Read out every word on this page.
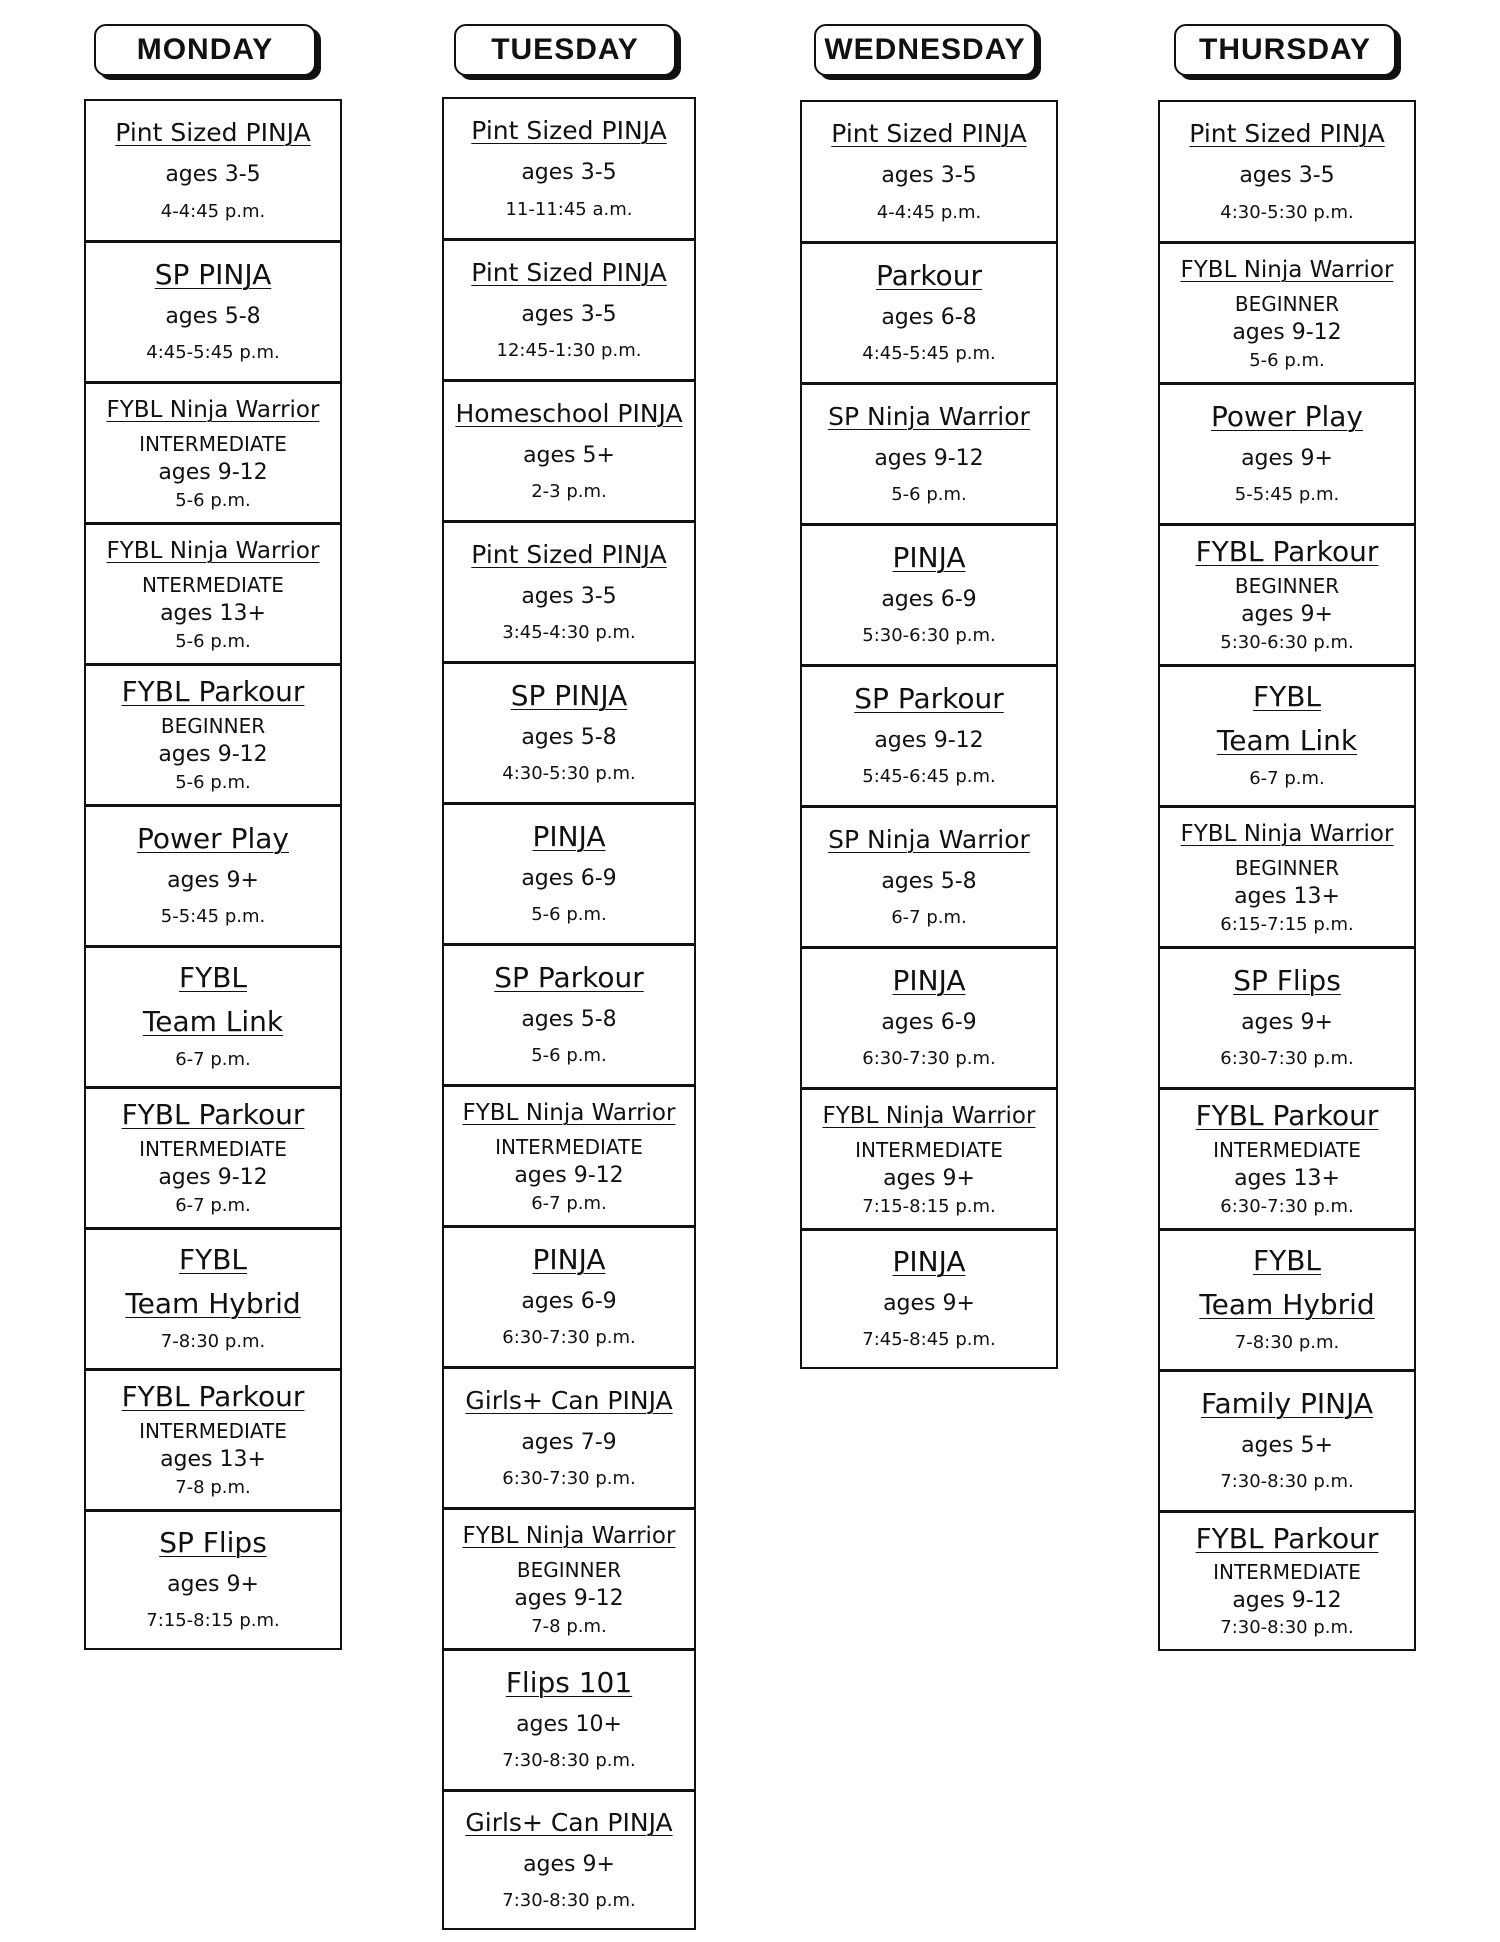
MONDAY
Pint Sized PINJA
ages 3-5
4-4:45 p.m.
SP PINJA
ages 5-8
4:45-5:45 p.m.
FYBL Ninja Warrior
INTERMEDIATE
ages 9-12
5-6 p.m.
FYBL Ninja Warrior
NTERMEDIATE
ages 13+
5-6 p.m.
FYBL Parkour
BEGINNER
ages 9-12
5-6 p.m.
Power Play
ages 9+
5-5:45 p.m.
FYBL
Team Link
6-7 p.m.
FYBL Parkour
INTERMEDIATE
ages 9-12
6-7 p.m.
FYBL
Team Hybrid
7-8:30 p.m.
FYBL Parkour
INTERMEDIATE
ages 13+
7-8 p.m.
SP Flips
ages 9+
7:15-8:15 p.m.
TUESDAY
Pint Sized PINJA
ages 3-5
11-11:45 a.m.
Pint Sized PINJA
ages 3-5
12:45-1:30 p.m.
Homeschool PINJA
ages 5+
2-3 p.m.
Pint Sized PINJA
ages 3-5
3:45-4:30 p.m.
SP PINJA
ages 5-8
4:30-5:30 p.m.
PINJA
ages 6-9
5-6 p.m.
SP Parkour
ages 5-8
5-6 p.m.
FYBL Ninja Warrior
INTERMEDIATE
ages 9-12
6-7 p.m.
PINJA
ages 6-9
6:30-7:30 p.m.
Girls+ Can PINJA
ages 7-9
6:30-7:30 p.m.
FYBL Ninja Warrior
BEGINNER
ages 9-12
7-8 p.m.
Flips 101
ages 10+
7:30-8:30 p.m.
Girls+ Can PINJA
ages 9+
7:30-8:30 p.m.
WEDNESDAY
Pint Sized PINJA
ages 3-5
4-4:45 p.m.
Parkour
ages 6-8
4:45-5:45 p.m.
SP Ninja Warrior
ages 9-12
5-6 p.m.
PINJA
ages 6-9
5:30-6:30 p.m.
SP Parkour
ages 9-12
5:45-6:45 p.m.
SP Ninja Warrior
ages 5-8
6-7 p.m.
PINJA
ages 6-9
6:30-7:30 p.m.
FYBL Ninja Warrior
INTERMEDIATE
ages 9+
7:15-8:15 p.m.
PINJA
ages 9+
7:45-8:45 p.m.
THURSDAY
Pint Sized PINJA
ages 3-5
4:30-5:30 p.m.
FYBL Ninja Warrior
BEGINNER
ages 9-12
5-6 p.m.
Power Play
ages 9+
5-5:45 p.m.
FYBL Parkour
BEGINNER
ages 9+
5:30-6:30 p.m.
FYBL
Team Link
6-7 p.m.
FYBL Ninja Warrior
BEGINNER
ages 13+
6:15-7:15 p.m.
SP Flips
ages 9+
6:30-7:30 p.m.
FYBL Parkour
INTERMEDIATE
ages 13+
6:30-7:30 p.m.
FYBL
Team Hybrid
7-8:30 p.m.
Family PINJA
ages 5+
7:30-8:30 p.m.
FYBL Parkour
INTERMEDIATE
ages 9-12
7:30-8:30 p.m.
